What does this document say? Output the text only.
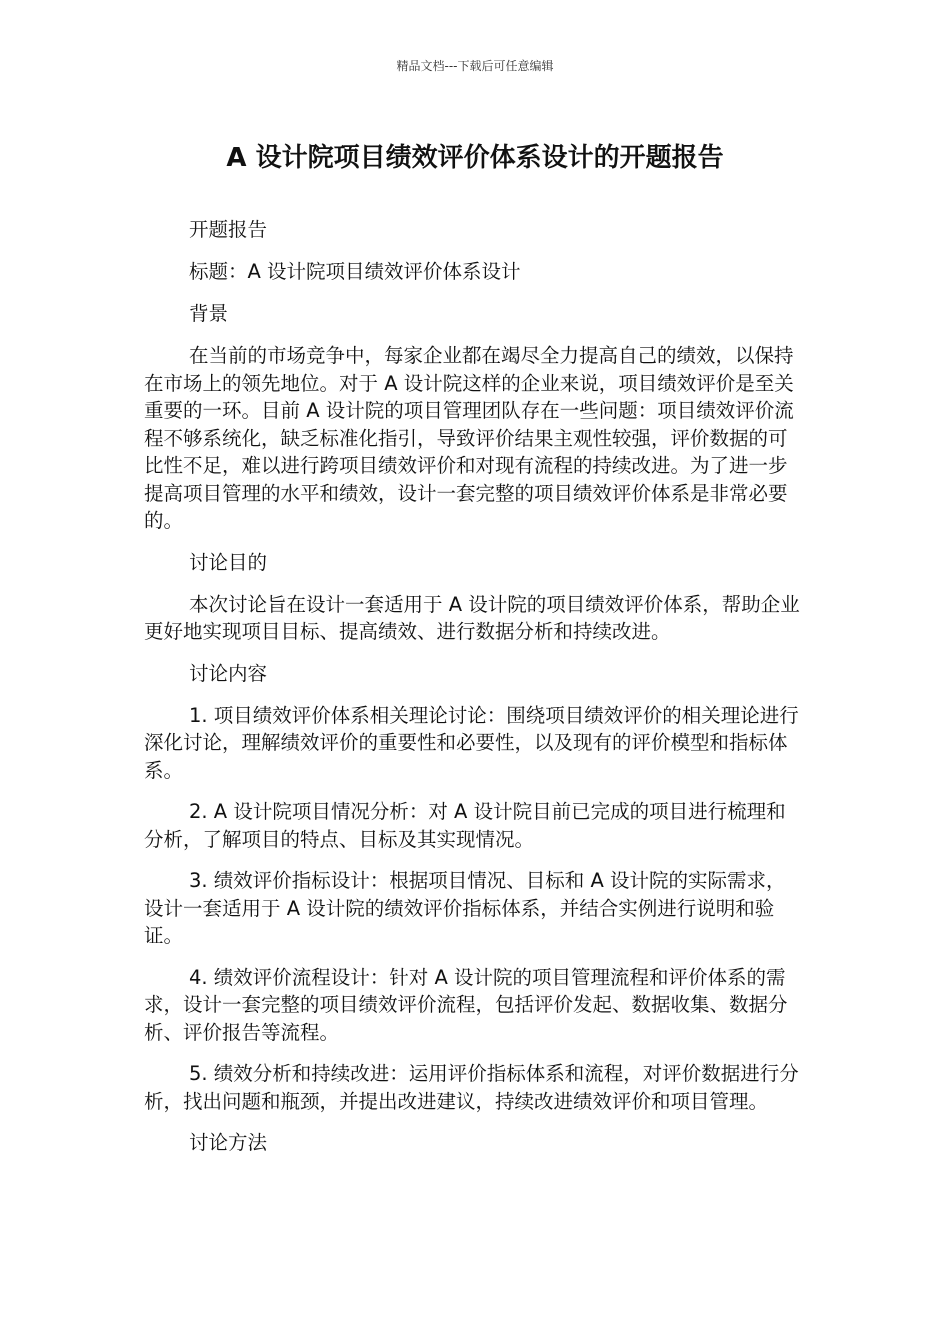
精品文档---下载后可任意编辑
A 设计院项目绩效评价体系设计的开题报告

开题报告

标题：A 设计院项目绩效评价体系设计

背景

在当前的市场竞争中，每家企业都在竭尽全力提高自己的绩效，以保持在市场上的领先地位。对于 A 设计院这样的企业来说，项目绩效评价是至关重要的一环。目前 A 设计院的项目管理团队存在一些问题：项目绩效评价流程不够系统化，缺乏标准化指引，导致评价结果主观性较强，评价数据的可比性不足，难以进行跨项目绩效评价和对现有流程的持续改进。为了进一步提高项目管理的水平和绩效，设计一套完整的项目绩效评价体系是非常必要的。

讨论目的

本次讨论旨在设计一套适用于 A 设计院的项目绩效评价体系，帮助企业更好地实现项目目标、提高绩效、进行数据分析和持续改进。

讨论内容

1. 项目绩效评价体系相关理论讨论：围绕项目绩效评价的相关理论进行深化讨论，理解绩效评价的重要性和必要性，以及现有的评价模型和指标体系。

2. A 设计院项目情况分析：对 A 设计院目前已完成的项目进行梳理和分析，了解项目的特点、目标及其实现情况。

3. 绩效评价指标设计：根据项目情况、目标和 A 设计院的实际需求，设计一套适用于 A 设计院的绩效评价指标体系，并结合实例进行说明和验证。

4. 绩效评价流程设计：针对 A 设计院的项目管理流程和评价体系的需求，设计一套完整的项目绩效评价流程，包括评价发起、数据收集、数据分析、评价报告等流程。

5. 绩效分析和持续改进：运用评价指标体系和流程，对评价数据进行分析，找出问题和瓶颈，并提出改进建议，持续改进绩效评价和项目管理。

讨论方法
